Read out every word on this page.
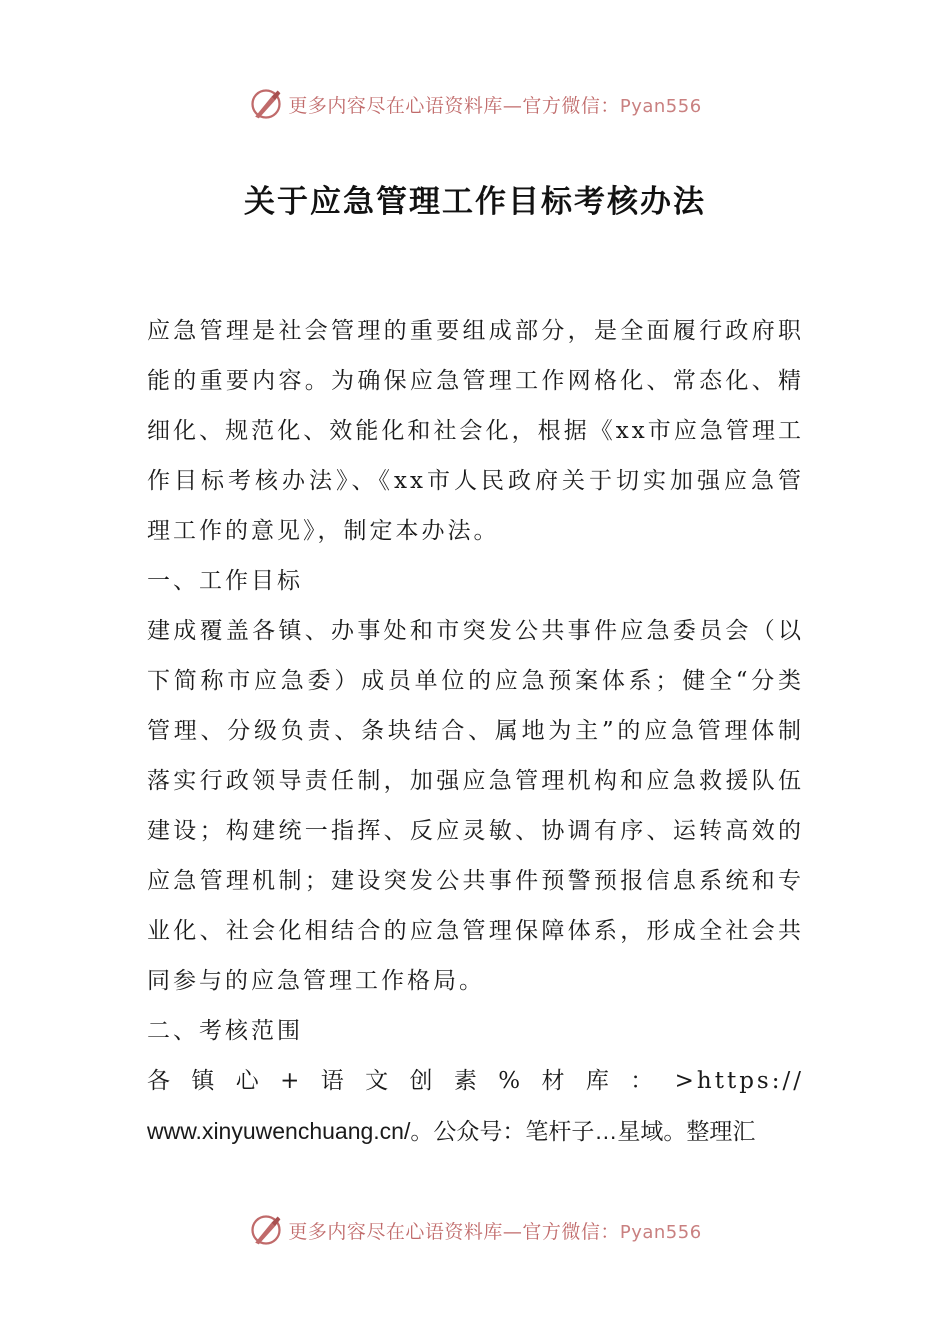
更多内容尽在心语资料库—官方微信：Pyan556
关于应急管理工作目标考核办法

应急管理是社会管理的重要组成部分，是全面履行政府职能的重要内容。为确保应急管理工作网格化、常态化、精细化、规范化、效能化和社会化，根据《xx市应急管理工作目标考核办法》、《xx市人民政府关于切实加强应急管理工作的意见》，制定本办法。

一、工作目标

建成覆盖各镇、办事处和市突发公共事件应急委员会（以下简称市应急委）成员单位的应急预案体系；健全“分类管理、分级负责、条块结合、属地为主”的应急管理体制落实行政领导责任制，加强应急管理机构和应急救援队伍建设；构建统一指挥、反应灵敏、协调有序、运转高效的应急管理机制；建设突发公共事件预警预报信息系统和专业化、社会化相结合的应急管理保障体系，形成全社会共同参与的应急管理工作格局。

二、考核范围

各镇心+语文创素%材库：>https://

www.xinyuwenchuang.cn/。公众号：笔杆子…星域。整理汇

更多内容尽在心语资料库—官方微信：Pyan556
